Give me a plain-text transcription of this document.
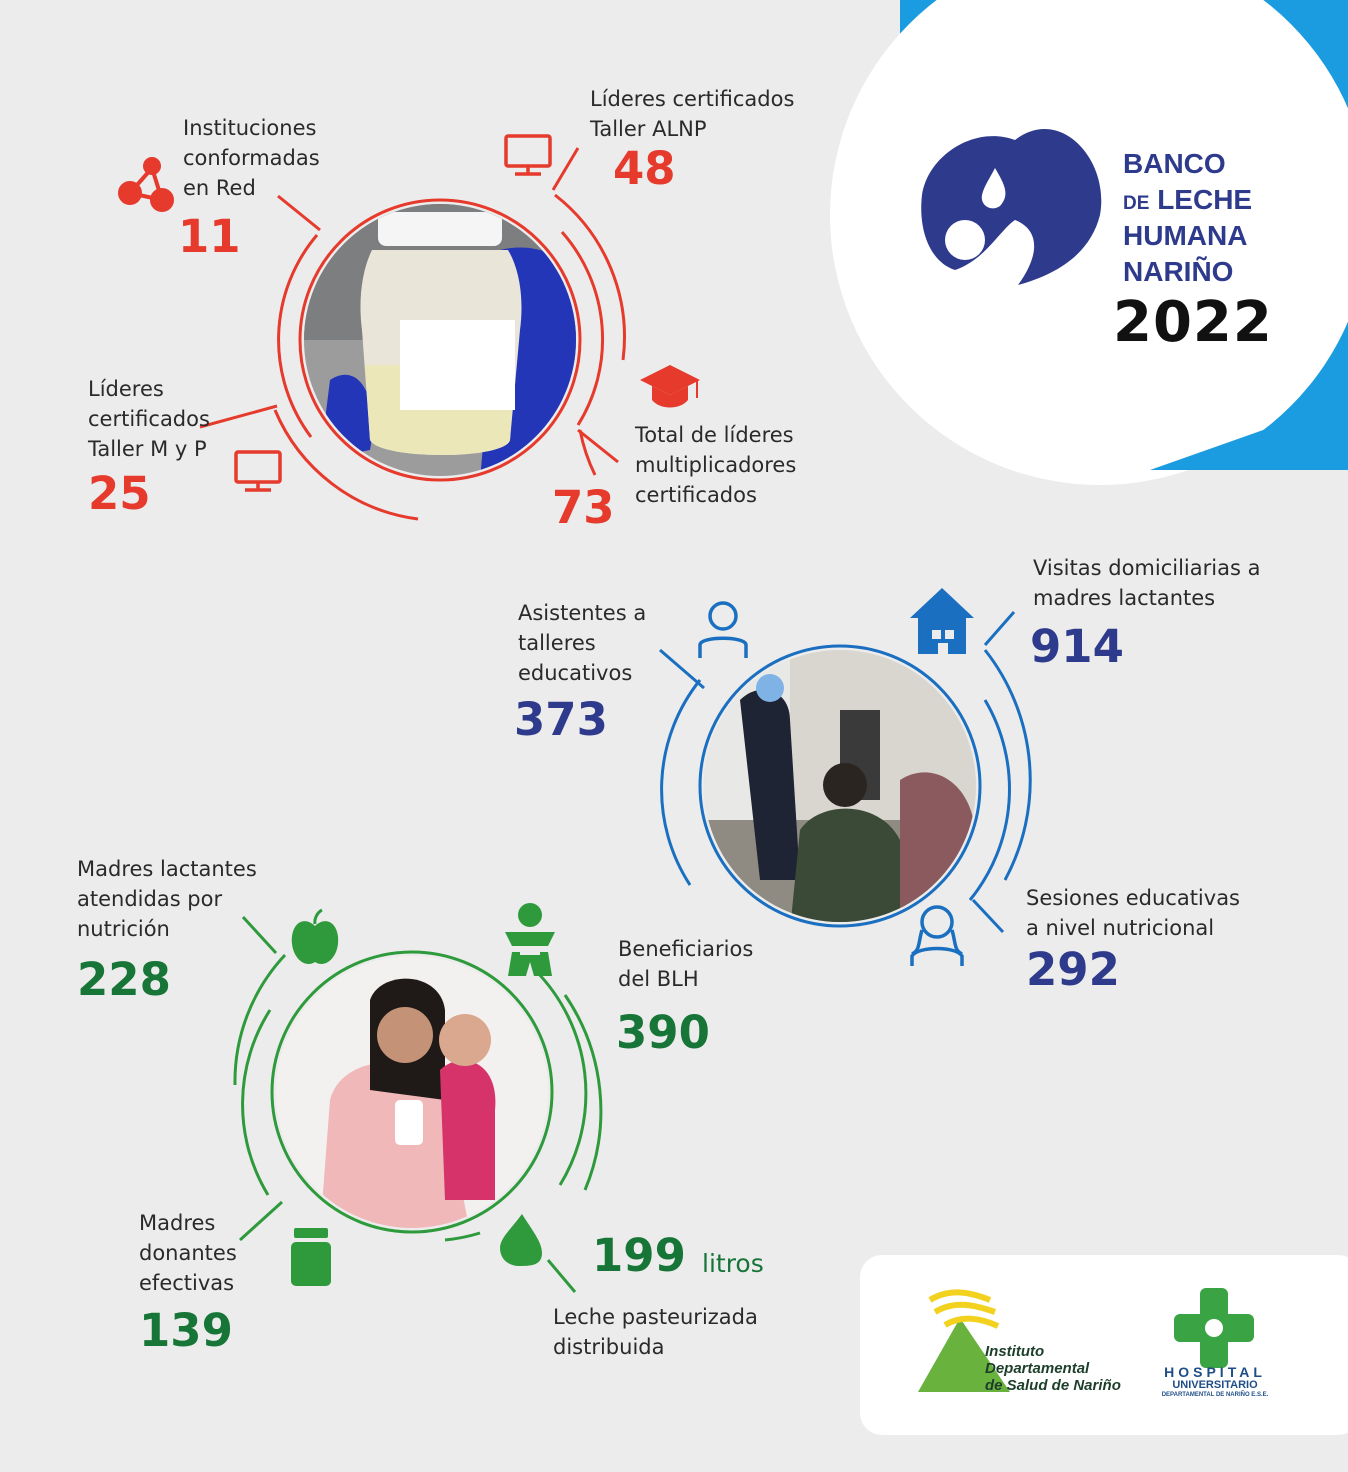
BANCO
DE LECHE
HUMANA
NARIÑO
2022

Instituciones
conformadas
en Red

11

Líderes certificados
Taller ALNP

48

Líderes
certificados
Taller M y P

25

Total de líderes
multiplicadores
certificados

73

Asistentes a
talleres
educativos

373

Visitas domiciliarias a
madres lactantes

914

Sesiones educativas
a nivel nutricional

292

Madres lactantes
atendidas por
nutrición

228

Beneficiarios
del BLH

390

Madres
donantes
efectivas

139

199 litros

Leche pasteurizada
distribuida	Instituto
Departamental
de Salud de Nariño
HOSPITAL
UNIVERSITARIO
DEPARTAMENTAL DE NARIÑO E.S.E.
